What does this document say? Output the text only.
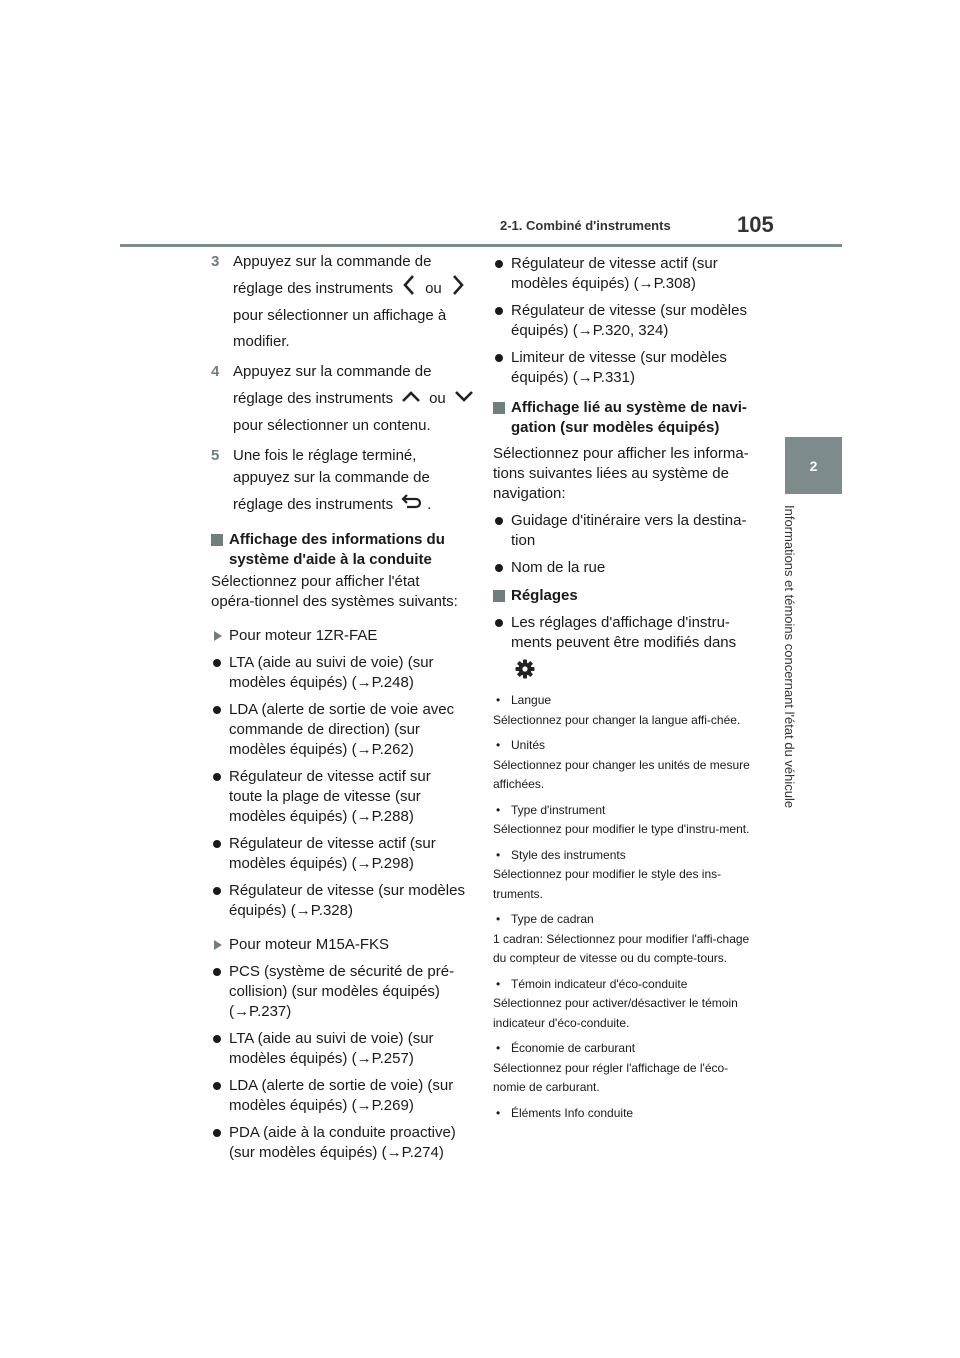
2-1. Combiné d'instruments	105
2
Informations et témoins concernant l'état du véhicule
3 Appuyez sur la commande de

réglage des instruments ou

pour sélectionner un affichage à

modifier.

4 Appuyez sur la commande de

réglage des instruments ou

pour sélectionner un contenu.

5 Une fois le réglage terminé,

appuyez sur la commande de

réglage des instruments .
Affichage des informations du système d'aide à la conduite

Sélectionnez pour afficher l'état opéra-tionnel des systèmes suivants:

Pour moteur 1ZR-FAE
LTA (aide au suivi de voie) (sur modèles équipés) (→P.248)
LDA (alerte de sortie de voie avec commande de direction) (sur modèles équipés) (→P.262)
Régulateur de vitesse actif sur toute la plage de vitesse (sur modèles équipés) (→P.288)
Régulateur de vitesse actif (sur modèles équipés) (→P.298)
Régulateur de vitesse (sur modèles équipés) (→P.328)
Pour moteur M15A-FKS
PCS (système de sécurité de pré-collision) (sur modèles équipés) (→P.237)
LTA (aide au suivi de voie) (sur modèles équipés) (→P.257)
LDA (alerte de sortie de voie) (sur modèles équipés) (→P.269)
PDA (aide à la conduite proactive) (sur modèles équipés) (→P.274)
Régulateur de vitesse actif (sur modèles équipés) (→P.308)
Régulateur de vitesse (sur modèles équipés) (→P.320, 324)
Limiteur de vitesse (sur modèles équipés) (→P.331)
Affichage lié au système de navi-gation (sur modèles équipés)

Sélectionnez pour afficher les informa-tions suivantes liées au système de navigation:

Guidage d'itinéraire vers la destina-tion
Nom de la rue
Réglages
Les réglages d'affichage d'instru-ments peuvent être modifiés dans
• Langue

Sélectionnez pour changer la langue affi-chée.

• Unités

Sélectionnez pour changer les unités de mesure affichées.

• Type d'instrument

Sélectionnez pour modifier le type d'instru-ment.

• Style des instruments

Sélectionnez pour modifier le style des ins-truments.

• Type de cadran

1 cadran: Sélectionnez pour modifier l'affi-chage du compteur de vitesse ou du compte-tours.

• Témoin indicateur d'éco-conduite

Sélectionnez pour activer/désactiver le témoin indicateur d'éco-conduite.

• Économie de carburant

Sélectionnez pour régler l'affichage de l'éco-nomie de carburant.

• Éléments Info conduite
